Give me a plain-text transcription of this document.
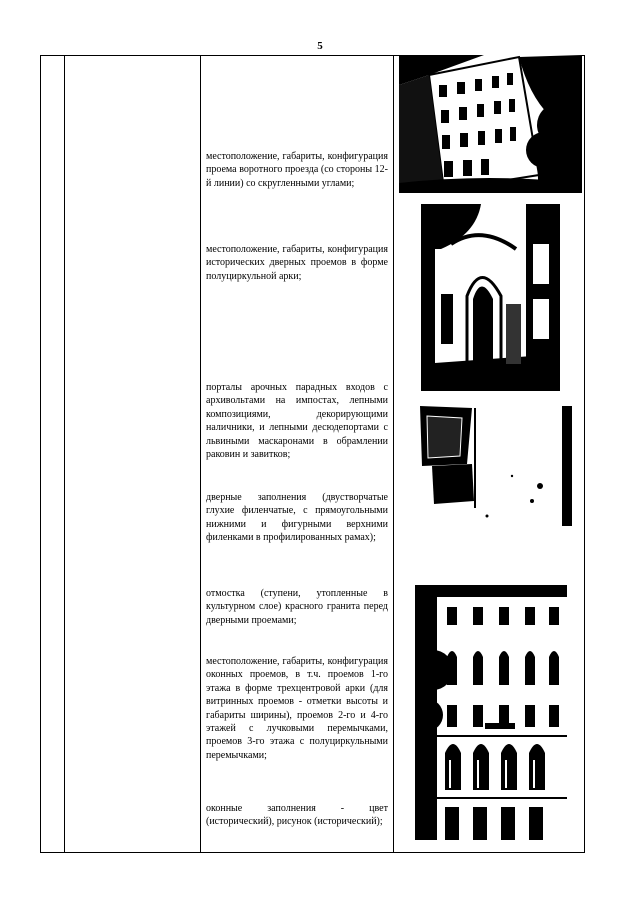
5
местоположение, габариты, конфигурация проема воротного проезда (со стороны 12-й линии) со скругленными углами;
местоположение, габариты, конфигурация исторических дверных проемов в форме полуциркульной арки;
порталы арочных парадных входов с архивольтами на импостах, лепными композициями, декорирующими наличники, и лепными десюдепортами с львиными маскаронами в обрамлении раковин и завитков;
дверные заполнения (двустворчатые глухие филенчатые, с прямоугольными нижними и фигурными верхними филенками в профилированных рамах);
отмостка (ступени, утопленные в культурном слое) красного гранита перед дверными проемами;
местоположение, габариты, конфигурация оконных проемов, в т.ч. проемов 1-го этажа в форме трехцентровой арки (для витринных проемов - отметки высоты и габариты ширины), проемов 2-го и 4-го этажей с лучковыми перемычками, проемов 3-го этажа с полуциркульными перемычками;
оконные заполнения - цвет (исторический), рисунок (исторический);
